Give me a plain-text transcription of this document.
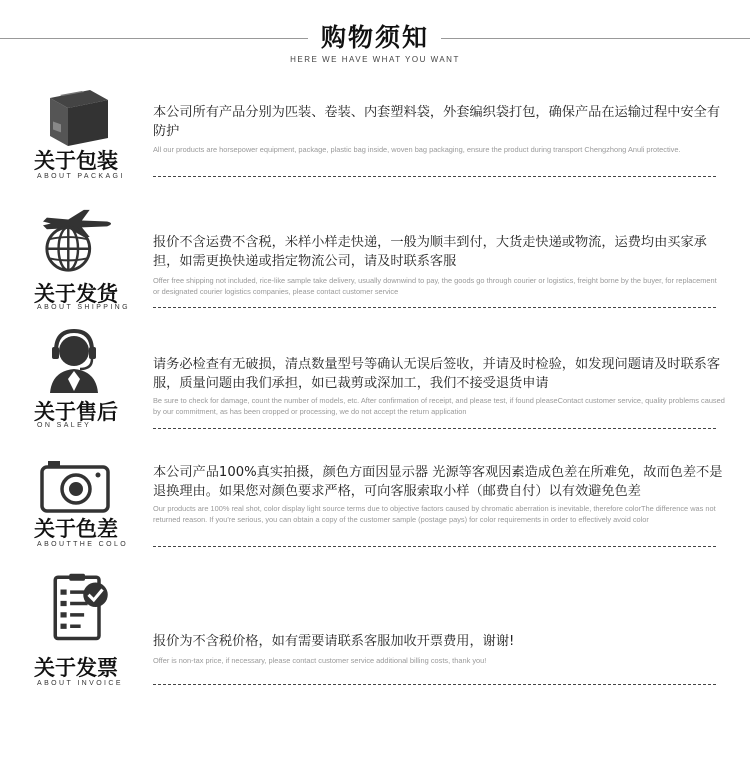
购物须知
HERE WE HAVE WHAT YOU WANT
关于包装
ABOUT PACKAGI
本公司所有产品分别为匹装、卷装、内套塑料袋，外套编织袋打包，确保产品在运输过程中安全有防护
All our products are horsepower equipment, package, plastic bag inside, woven bag packaging, ensure the product during transport Chengzhong Anuli protective.
关于发货
ABOUT SHIPPING
报价不含运费不含税，米样小样走快递，一般为顺丰到付，大货走快递或物流，运费均由买家承担，如需更换快递或指定物流公司，请及时联系客服
Offer free shipping not included, rice-like sample take delivery, usually downwind to pay, the goods go through courier or logistics, freight borne by the buyer, for replacement or designated courier logistics companies, please contact customer service
关于售后
ON SALEY
请务必检查有无破损，清点数量型号等确认无误后签收，并请及时检验，如发现问题请及时联系客服，质量问题由我们承担，如已裁剪或深加工，我们不接受退货申请
Be sure to check for damage, count the number of models, etc. After confirmation of receipt, and please test, if found pleaseContact customer service, quality problems caused by our commitment, as has been cropped or processing, we do not accept the return application
关于色差
ABOUTTHE COLO
本公司产品100%真实拍摄，颜色方面因显示器 光源等客观因素造成色差在所难免，故而色差不是退换理由。如果您对颜色要求严格，可向客服索取小样（邮费自付）以有效避免色差
Our products are 100% real shot, color display light source terms due to objective factors caused by chromatic aberration is inevitable, therefore colorThe difference was not returned reason. If you're serious, you can obtain a copy of the customer sample (postage pays) for color requirements in order to effectively avoid color
关于发票
ABOUT INVOICE
报价为不含税价格，如有需要请联系客服加收开票费用，谢谢!
Offer is non-tax price, if necessary, please contact customer service additional billing costs, thank you!
